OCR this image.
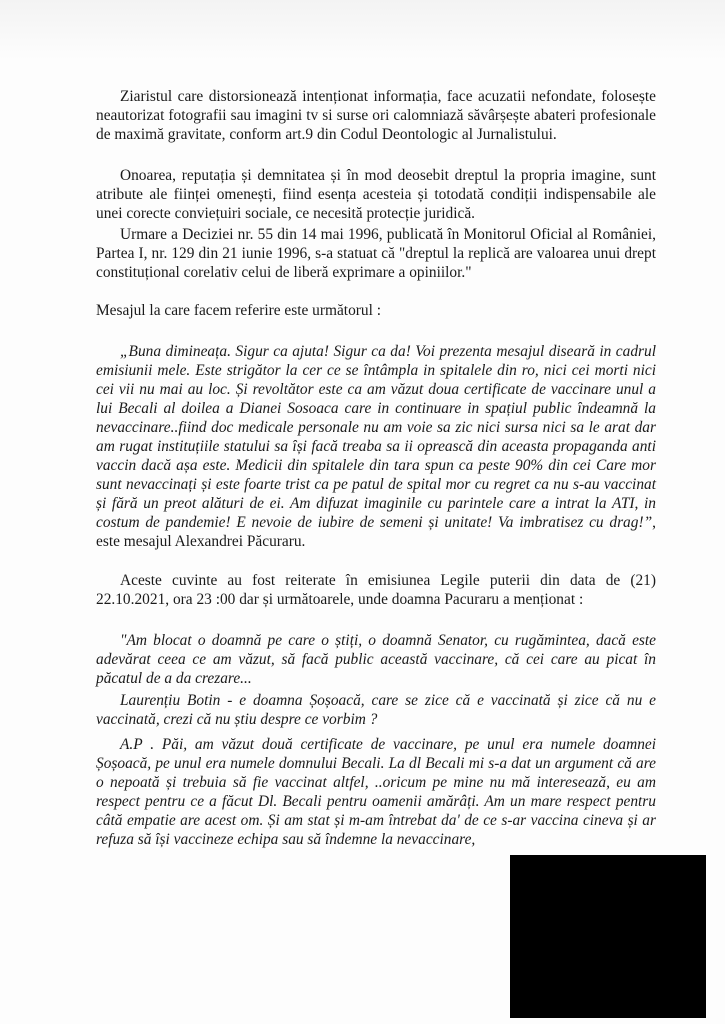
Ziaristul care distorsionează intenționat informația, face acuzatii nefondate, folosește neautorizat fotografii sau imagini tv si surse ori calomniază săvârșește abateri profesionale de maximă gravitate, conform art.9 din Codul Deontologic al Jurnalistului.

Onoarea, reputația și demnitatea și în mod deosebit dreptul la propria imagine, sunt atribute ale ființei omenești, fiind esența acesteia și totodată condiții indispensabile ale unei corecte conviețuiri sociale, ce necesită protecție juridică.

Urmare a Deciziei nr. 55 din 14 mai 1996, publicată în Monitorul Oficial al României, Partea I, nr. 129 din 21 iunie 1996, s-a statuat că "dreptul la replică are valoarea unui drept constituțional corelativ celui de liberă exprimare a opiniilor."

Mesajul la care facem referire este următorul :

„Buna dimineața. Sigur ca ajuta! Sigur ca da! Voi prezenta mesajul diseară in cadrul emisiunii mele. Este strigător la cer ce se întâmpla in spitalele din ro, nici cei morti nici cei vii nu mai au loc. Și revoltător este ca am văzut doua certificate de vaccinare unul a lui Becali al doilea a Dianei Sosoaca care in continuare in spațiul public îndeamnă la nevaccinare..fiind doc medicale personale nu am voie sa zic nici sursa nici sa le arat dar am rugat instituțiile statului sa își facă treaba sa ii oprească din aceasta propaganda anti vaccin dacă așa este. Medicii din spitalele din tara spun ca peste 90% din cei Care mor sunt nevaccinați și este foarte trist ca pe patul de spital mor cu regret ca nu s-au vaccinat și fără un preot alături de ei. Am difuzat imaginile cu parintele care a intrat la ATI, in costum de pandemie! E nevoie de iubire de semeni și unitate! Va imbratisez cu drag!”, este mesajul Alexandrei Păcuraru.

Aceste cuvinte au fost reiterate în emisiunea Legile puterii din data de (21) 22.10.2021, ora 23 :00 dar și următoarele, unde doamna Pacuraru a menționat :

"Am blocat o doamnă pe care o știți, o doamnă Senator, cu rugămintea, dacă este adevărat ceea ce am văzut, să facă public această vaccinare, că cei care au picat în păcatul de a da crezare...

Laurențiu Botin - e doamna Șoșoacă, care se zice că e vaccinată și zice că nu e vaccinată, crezi că nu știu despre ce vorbim ?

A.P . Păi, am văzut două certificate de vaccinare, pe unul era numele doamnei Șoșoacă, pe unul era numele domnului Becali. La dl Becali mi s-a dat un argument că are o nepoată și trebuia să fie vaccinat altfel, ..oricum pe mine nu mă interesează, eu am respect pentru ce a făcut Dl. Becali pentru oamenii amărâți. Am un mare respect pentru câtă empatie are acest om. Și am stat și m-am întrebat da' de ce s-ar vaccina cineva și ar refuza să își vaccineze echipa sau să îndemne la nevaccinare,
